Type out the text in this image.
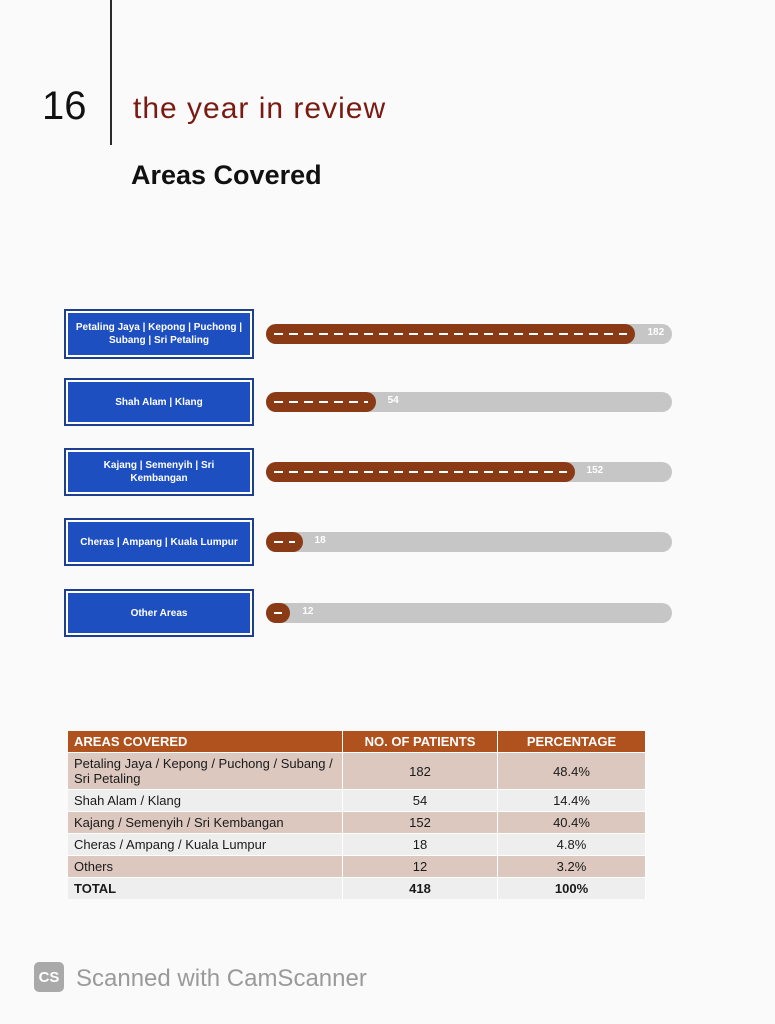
16 the year in review
Areas Covered
Petaling Jaya | Kepong | Puchong | Subang | Sri Petaling
182
Shah Alam | Klang	54
Kajang | Semenyih | Sri Kembangan
152
Cheras | Ampang | Kuala Lumpur	18
Other Areas	12
AREAS COVERED	NO. OF PATIENTS	PERCENTAGE
Petaling Jaya / Kepong / Puchong / Subang / Sri Petaling	182	48.4%
Shah Alam / Klang	54	14.4%
Kajang / Semenyih / Sri Kembangan	152	40.4%
Cheras / Ampang / Kuala Lumpur	18	4.8%
Others	12	3.2%
TOTAL	418	100%
CS Scanned with CamScanner
